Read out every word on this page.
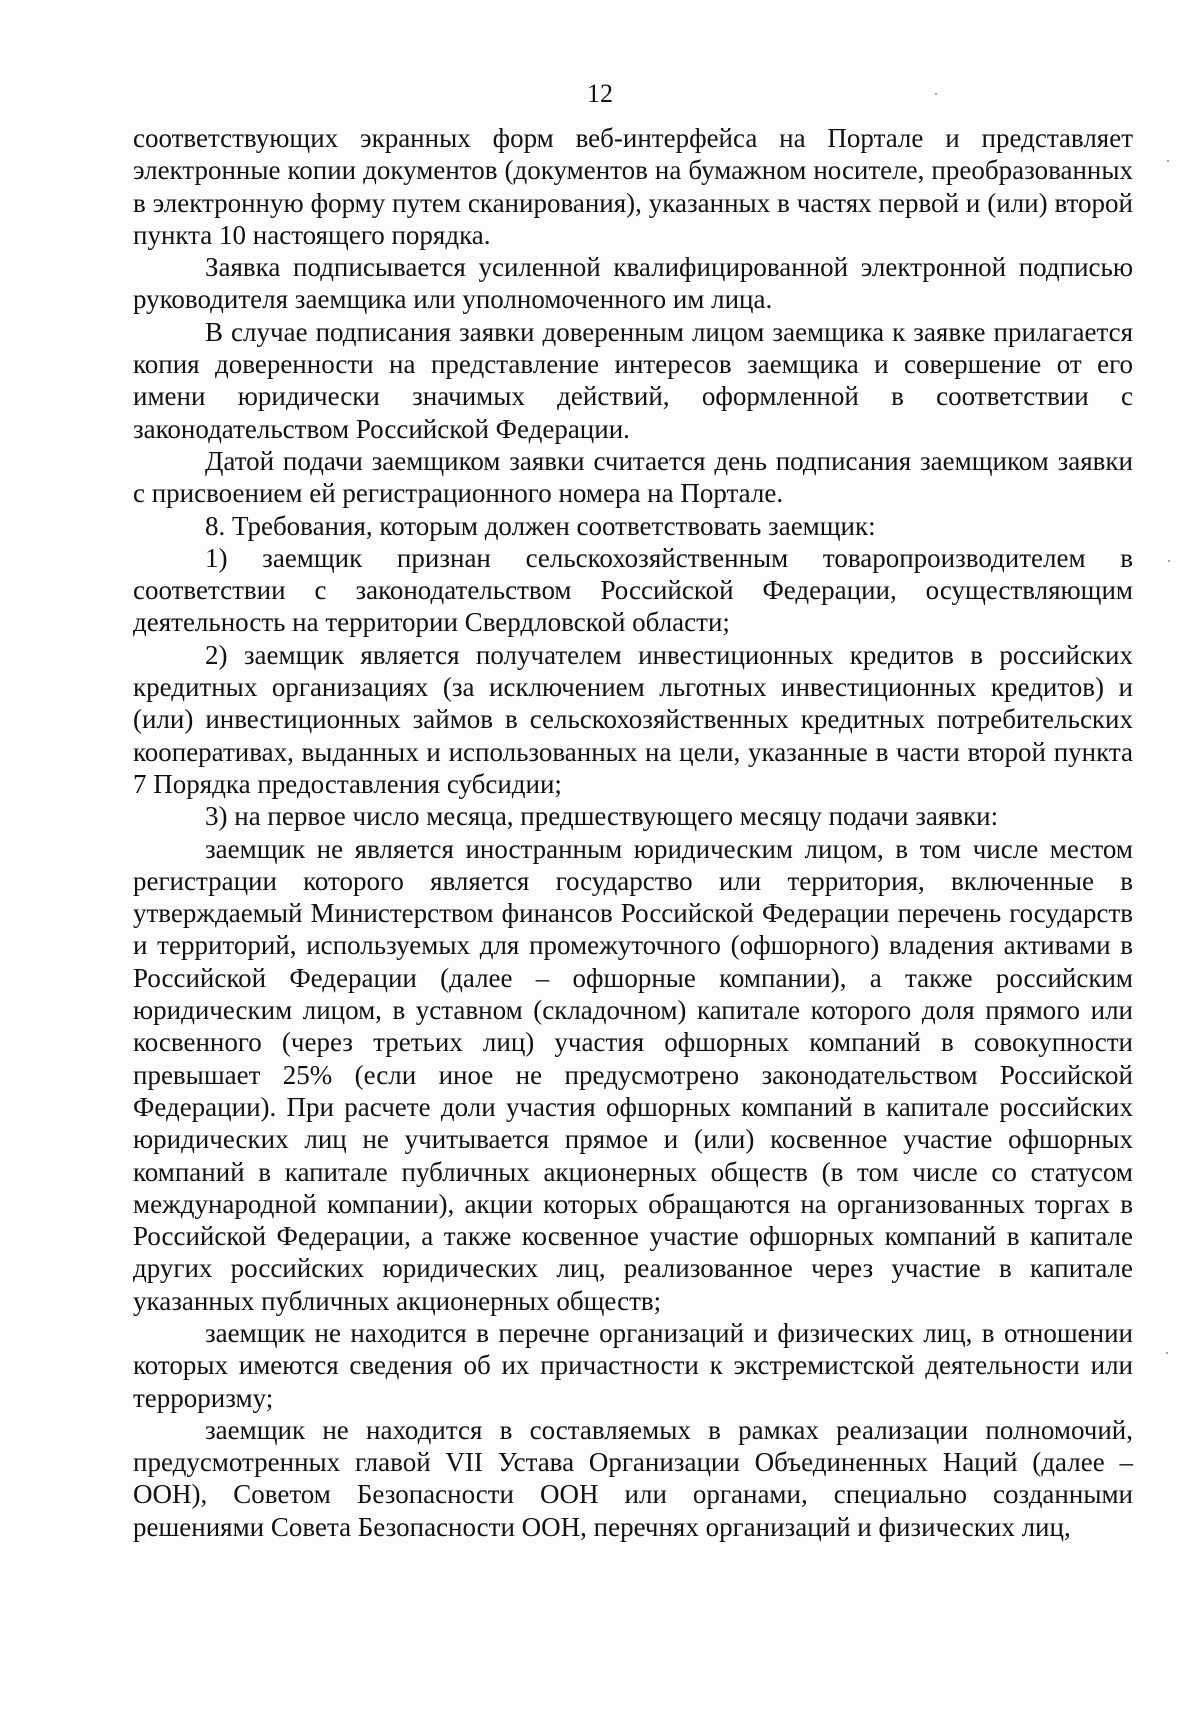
12

соответствующих экранных форм веб-интерфейса на Портале и представляет электронные копии документов (документов на бумажном носителе, преобразованных в электронную форму путем сканирования), указанных в частях первой и (или) второй пункта 10 настоящего порядка.

Заявка подписывается усиленной квалифицированной электронной подписью руководителя заемщика или уполномоченного им лица.

В случае подписания заявки доверенным лицом заемщика к заявке прилагается копия доверенности на представление интересов заемщика и совершение от его имени юридически значимых действий, оформленной в соответствии с законодательством Российской Федерации.

Датой подачи заемщиком заявки считается день подписания заемщиком заявки с присвоением ей регистрационного номера на Портале.

8. Требования, которым должен соответствовать заемщик:

1) заемщик признан сельскохозяйственным товаропроизводителем в соответствии с законодательством Российской Федерации, осуществляющим деятельность на территории Свердловской области;

2) заемщик является получателем инвестиционных кредитов в российских кредитных организациях (за исключением льготных инвестиционных кредитов) и (или) инвестиционных займов в сельскохозяйственных кредитных потребительских кооперативах, выданных и использованных на цели, указанные в части второй пункта 7 Порядка предоставления субсидии;

3) на первое число месяца, предшествующего месяцу подачи заявки:

заемщик не является иностранным юридическим лицом, в том числе местом регистрации которого является государство или территория, включенные в утверждаемый Министерством финансов Российской Федерации перечень государств и территорий, используемых для промежуточного (офшорного) владения активами в Российской Федерации (далее – офшорные компании), а также российским юридическим лицом, в уставном (складочном) капитале которого доля прямого или косвенного (через третьих лиц) участия офшорных компаний в совокупности превышает 25% (если иное не предусмотрено законодательством Российской Федерации). При расчете доли участия офшорных компаний в капитале российских юридических лиц не учитывается прямое и (или) косвенное участие офшорных компаний в капитале публичных акционерных обществ (в том числе со статусом международной компании), акции которых обращаются на организованных торгах в Российской Федерации, а также косвенное участие офшорных компаний в капитале других российских юридических лиц, реализованное через участие в капитале указанных публичных акционерных обществ;

заемщик не находится в перечне организаций и физических лиц, в отношении которых имеются сведения об их причастности к экстремистской деятельности или терроризму;

заемщик не находится в составляемых в рамках реализации полномочий, предусмотренных главой VII Устава Организации Объединенных Наций (далее – ООН), Советом Безопасности ООН или органами, специально созданными решениями Совета Безопасности ООН, перечнях организаций и физических лиц,
